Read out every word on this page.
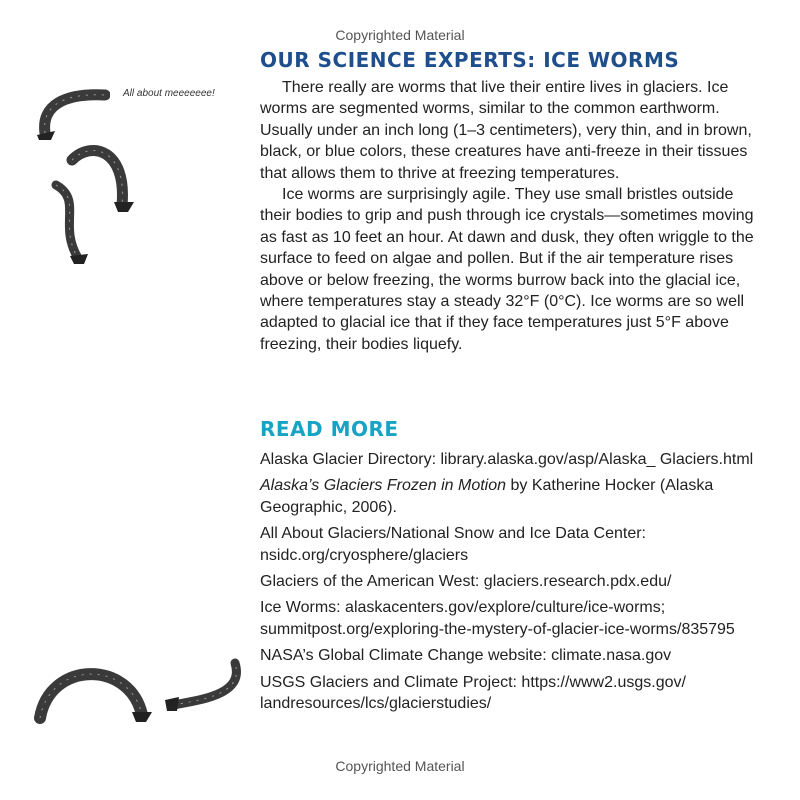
Copyrighted Material
OUR SCIENCE EXPERTS: ICE WORMS
All about meeeeeee!	There really are worms that live their entire lives in glaciers. Ice worms are segmented worms, similar to the common earthworm. Usually under an inch long (1–3 centimeters), very thin, and in brown, black, or blue colors, these creatures have anti-freeze in their tissues that allows them to thrive at freezing temperatures.

Ice worms are surprisingly agile. They use small bristles outside their bodies to grip and push through ice crystals—sometimes moving as fast as 10 feet an hour. At dawn and dusk, they often wriggle to the surface to feed on algae and pollen. But if the air temperature rises above or below freezing, the worms burrow back into the glacial ice, where temperatures stay a steady 32°F (0°C). Ice worms are so well adapted to glacial ice that if they face temperatures just 5°F above freezing, their bodies liquefy.

READ MORE

Alaska Glacier Directory: library.alaska.gov/asp/Alaska_ Glaciers.html

Alaska’s Glaciers Frozen in Motion by Katherine Hocker (Alaska Geographic, 2006).

All About Glaciers/National Snow and Ice Data Center: nsidc.org/cryosphere/glaciers

Glaciers of the American West: glaciers.research.pdx.edu/

Ice Worms: alaskacenters.gov/explore/culture/ice-worms; summitpost.org/exploring-the-mystery-of-glacier-ice-worms/835795

NASA’s Global Climate Change website: climate.nasa.gov

USGS Glaciers and Climate Project: https://www2.usgs.gov/ landresources/lcs/glacierstudies/

Copyrighted Material
